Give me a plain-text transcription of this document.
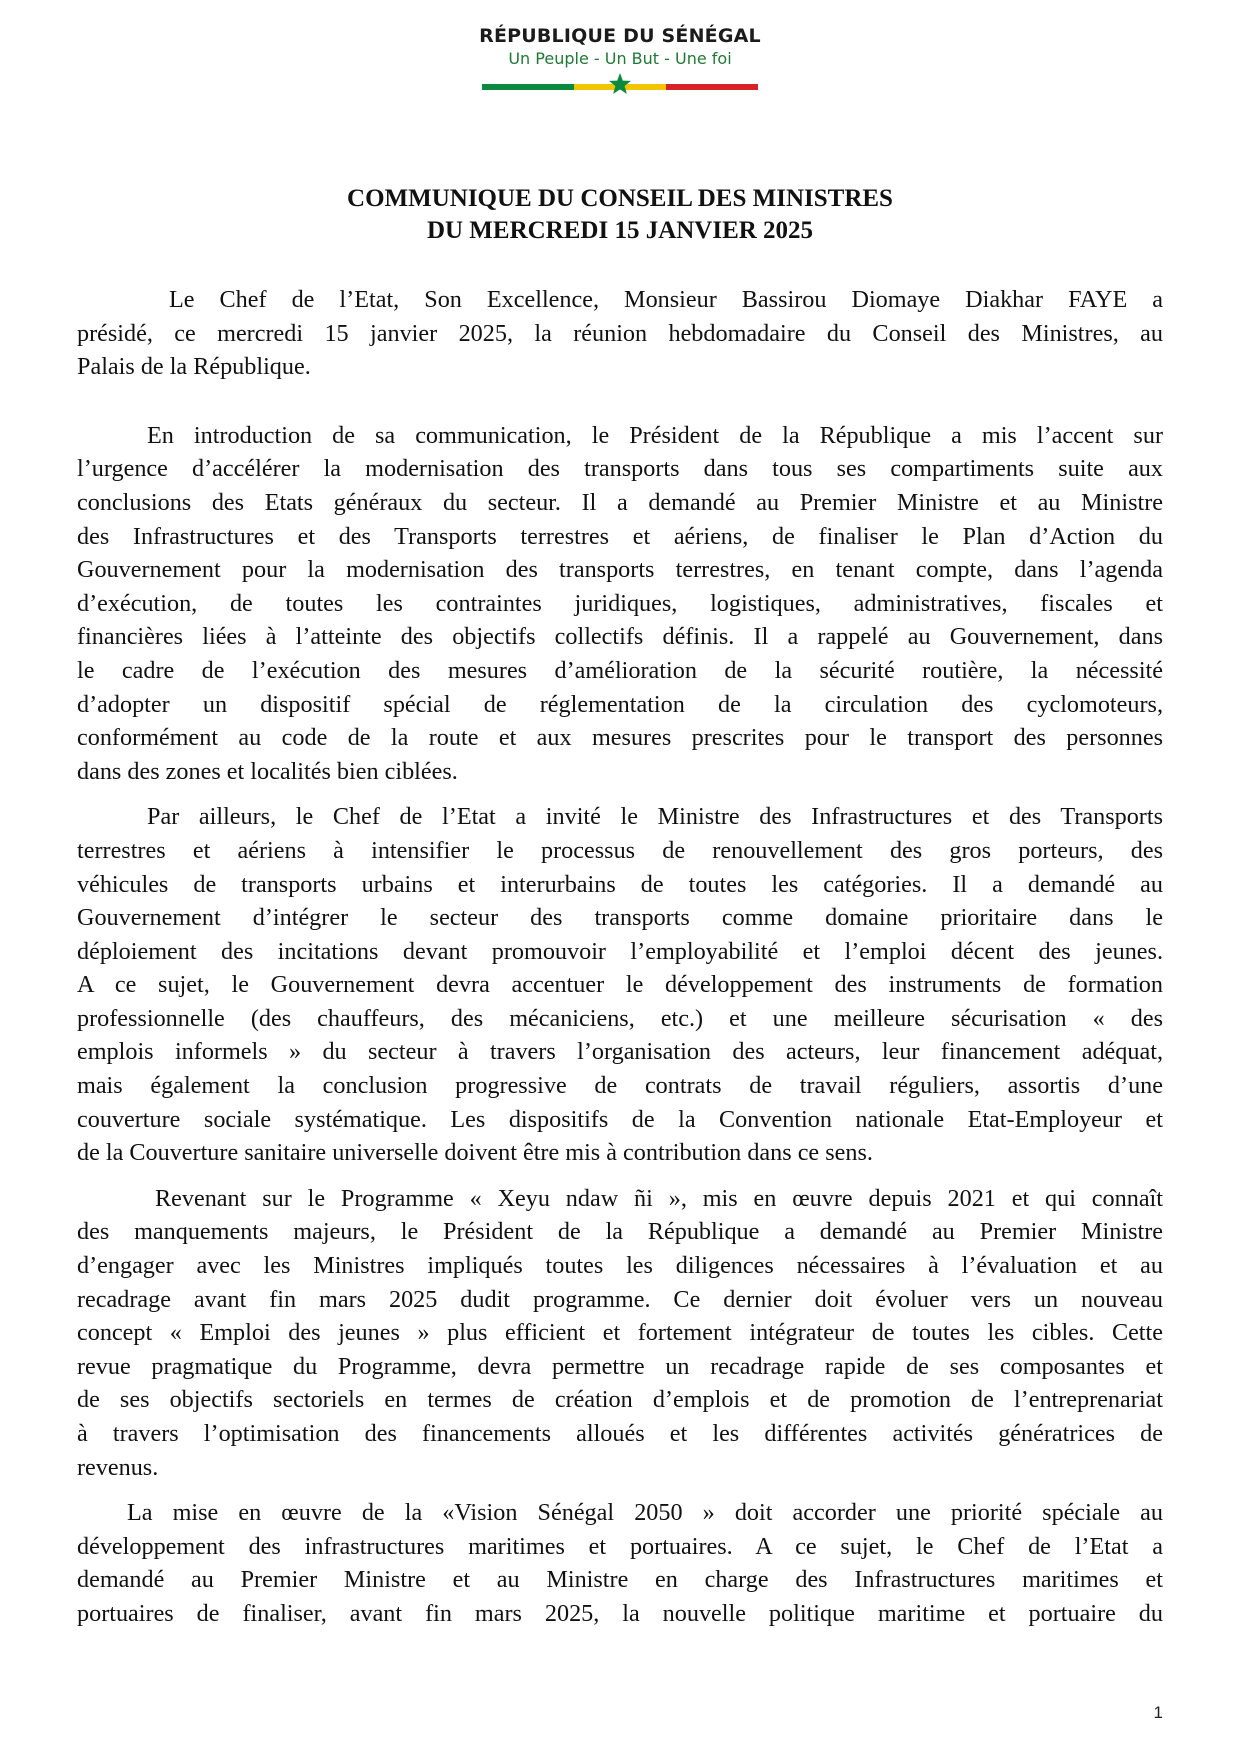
RÉPUBLIQUE DU SÉNÉGAL
Un Peuple - Un But - Une foi
COMMUNIQUE DU CONSEIL DES MINISTRES
DU MERCREDI 15 JANVIER 2025
Le Chef de l’Etat, Son Excellence, Monsieur Bassirou Diomaye Diakhar FAYE a
présidé, ce mercredi 15 janvier 2025, la réunion hebdomadaire du Conseil des Ministres, au
Palais de la République.
En introduction de sa communication, le Président de la République a mis l’accent sur
l’urgence d’accélérer la modernisation des transports dans tous ses compartiments suite aux
conclusions des Etats généraux du secteur. Il a demandé au Premier Ministre et au Ministre
des Infrastructures et des Transports terrestres et aériens, de finaliser le Plan d’Action du
Gouvernement pour la modernisation des transports terrestres, en tenant compte, dans l’agenda
d’exécution, de toutes les contraintes juridiques, logistiques, administratives, fiscales et
financières liées à l’atteinte des objectifs collectifs définis. Il a rappelé au Gouvernement, dans
le cadre de l’exécution des mesures d’amélioration de la sécurité routière, la nécessité
d’adopter un dispositif spécial de réglementation de la circulation des cyclomoteurs,
conformément au code de la route et aux mesures prescrites pour le transport des personnes
dans des zones et localités bien ciblées.
Par ailleurs, le Chef de l’Etat a invité le Ministre des Infrastructures et des Transports
terrestres et aériens à intensifier le processus de renouvellement des gros porteurs, des
véhicules de transports urbains et interurbains de toutes les catégories. Il a demandé au
Gouvernement d’intégrer le secteur des transports comme domaine prioritaire dans le
déploiement des incitations devant promouvoir l’employabilité et l’emploi décent des jeunes.
A ce sujet, le Gouvernement devra accentuer le développement des instruments de formation
professionnelle (des chauffeurs, des mécaniciens, etc.) et une meilleure sécurisation « des
emplois informels » du secteur à travers l’organisation des acteurs, leur financement adéquat,
mais également la conclusion progressive de contrats de travail réguliers, assortis d’une
couverture sociale systématique. Les dispositifs de la Convention nationale Etat-Employeur et
de la Couverture sanitaire universelle doivent être mis à contribution dans ce sens.
Revenant sur le Programme « Xeyu ndaw ñi », mis en œuvre depuis 2021 et qui connaît
des manquements majeurs, le Président de la République a demandé au Premier Ministre
d’engager avec les Ministres impliqués toutes les diligences nécessaires à l’évaluation et au
recadrage avant fin mars 2025 dudit programme. Ce dernier doit évoluer vers un nouveau
concept « Emploi des jeunes » plus efficient et fortement intégrateur de toutes les cibles. Cette
revue pragmatique du Programme, devra permettre un recadrage rapide de ses composantes et
de ses objectifs sectoriels en termes de création d’emplois et de promotion de l’entreprenariat
à travers l’optimisation des financements alloués et les différentes activités génératrices de
revenus.
La mise en œuvre de la «Vision Sénégal 2050 » doit accorder une priorité spéciale au
développement des infrastructures maritimes et portuaires. A ce sujet, le Chef de l’Etat a
demandé au Premier Ministre et au Ministre en charge des Infrastructures maritimes et
portuaires de finaliser, avant fin mars 2025, la nouvelle politique maritime et portuaire du
1
